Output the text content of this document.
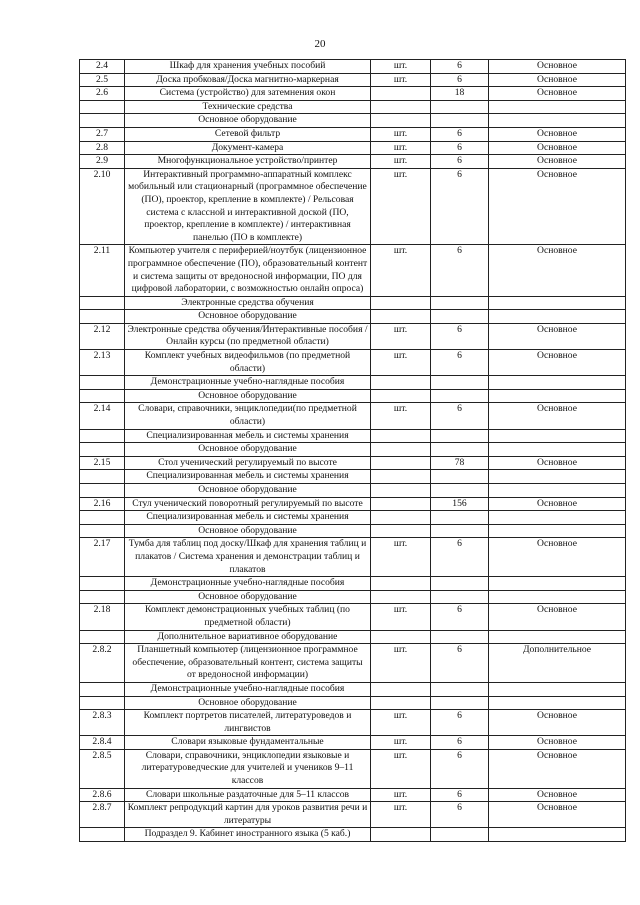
20
2.4	Шкаф для хранения учебных пособий	шт.	6	Основное
2.5	Доска пробковая/Доска магнитно-маркерная	шт.	6	Основное
2.6	Система (устройство) для затемнения окон		18	Основное
	Технические средства			
	Основное оборудование			
2.7	Сетевой фильтр	шт.	6	Основное
2.8	Документ-камера	шт.	6	Основное
2.9	Многофункциональное устройство/принтер	шт.	6	Основное
2.10	Интерактивный программно-аппаратный комплекс мобильный или стационарный (программное обеспечение (ПО), проектор, крепление в комплекте) / Рельсовая система с классной и интерактивной доской (ПО, проектор, крепление в комплекте) / интерактивная панелью (ПО в комплекте)	шт.	6	Основное
2.11	Компьютер учителя с периферией/ноутбук (лицензионное программное обеспечение (ПО), образовательный контент и система защиты от вредоносной информации, ПО для цифровой лаборатории, с возможностью онлайн опроса)	шт.	6	Основное
	Электронные средства обучения			
	Основное оборудование			
2.12	Электронные средства обучения/Интерактивные пособия / Онлайн курсы (по предметной области)	шт.	6	Основное
2.13	Комплект учебных видеофильмов (по предметной области)	шт.	6	Основное
	Демонстрационные учебно-наглядные пособия			
	Основное оборудование			
2.14	Словари, справочники, энциклопедии(по предметной области)	шт.	6	Основное
	Специализированная мебель и системы хранения			
	Основное оборудование			
2.15	Стол ученический регулируемый по высоте		78	Основное
	Специализированная мебель и системы хранения			
	Основное оборудование			
2.16	Стул ученический поворотный регулируемый по высоте		156	Основное
	Специализированная мебель и системы хранения			
	Основное оборудование			
2.17	Тумба для таблиц под доску/Шкаф для хранения таблиц и плакатов / Система хранения и демонстрации таблиц и плакатов	шт.	6	Основное
	Демонстрационные учебно-наглядные пособия			
	Основное оборудование			
2.18	Комплект демонстрационных учебных таблиц (по предметной области)	шт.	6	Основное
	Дополнительное вариативное оборудование			
2.8.2	Планшетный компьютер (лицензионное программное обеспечение, образовательный контент, система защиты от вредоносной информации)	шт.	6	Дополнительное
	Демонстрационные учебно-наглядные пособия			
	Основное оборудование			
2.8.3	Комплект портретов писателей, литературоведов и лингвистов	шт.	6	Основное
2.8.4	Словари языковые фундаментальные	шт.	6	Основное
2.8.5	Словари, справочники, энциклопедии языковые и литературоведческие для учителей и учеников 9–11 классов	шт.	6	Основное
2.8.6	Словари школьные раздаточные для 5–11 классов	шт.	6	Основное
2.8.7	Комплект репродукций картин для уроков развития речи и литературы	шт.	6	Основное
	Подраздел 9. Кабинет иностранного языка (5 каб.)			
